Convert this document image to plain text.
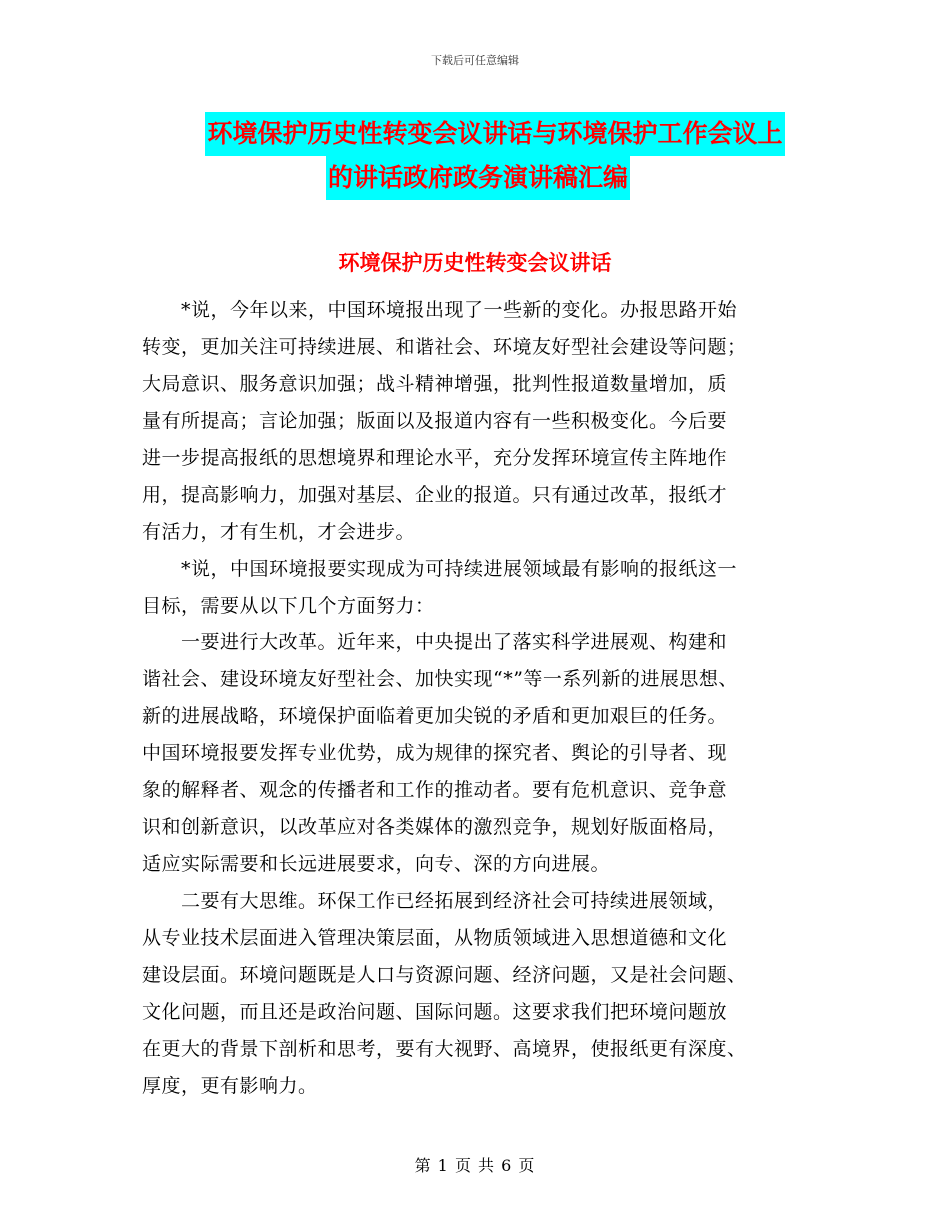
下载后可任意编辑
环境保护历史性转变会议讲话与环境保护工作会议上
的讲话政府政务演讲稿汇编
环境保护历史性转变会议讲话
　　*说，今年以来，中国环境报出现了一些新的变化。办报思路开始
转变，更加关注可持续进展、和谐社会、环境友好型社会建设等问题；
大局意识、服务意识加强；战斗精神增强，批判性报道数量增加，质
量有所提高；言论加强；版面以及报道内容有一些积极变化。今后要
进一步提高报纸的思想境界和理论水平，充分发挥环境宣传主阵地作
用，提高影响力，加强对基层、企业的报道。只有通过改革，报纸才
有活力，才有生机，才会进步。
　　*说，中国环境报要实现成为可持续进展领域最有影响的报纸这一
目标，需要从以下几个方面努力：
　　一要进行大改革。近年来，中央提出了落实科学进展观、构建和
谐社会、建设环境友好型社会、加快实现“*”等一系列新的进展思想、
新的进展战略，环境保护面临着更加尖锐的矛盾和更加艰巨的任务。
中国环境报要发挥专业优势，成为规律的探究者、舆论的引导者、现
象的解释者、观念的传播者和工作的推动者。要有危机意识、竞争意
识和创新意识，以改革应对各类媒体的激烈竞争，规划好版面格局，
适应实际需要和长远进展要求，向专、深的方向进展。
　　二要有大思维。环保工作已经拓展到经济社会可持续进展领域，
从专业技术层面进入管理决策层面，从物质领域进入思想道德和文化
建设层面。环境问题既是人口与资源问题、经济问题，又是社会问题、
文化问题，而且还是政治问题、国际问题。这要求我们把环境问题放
在更大的背景下剖析和思考，要有大视野、高境界，使报纸更有深度、
厚度，更有影响力。
第 1 页 共 6 页
